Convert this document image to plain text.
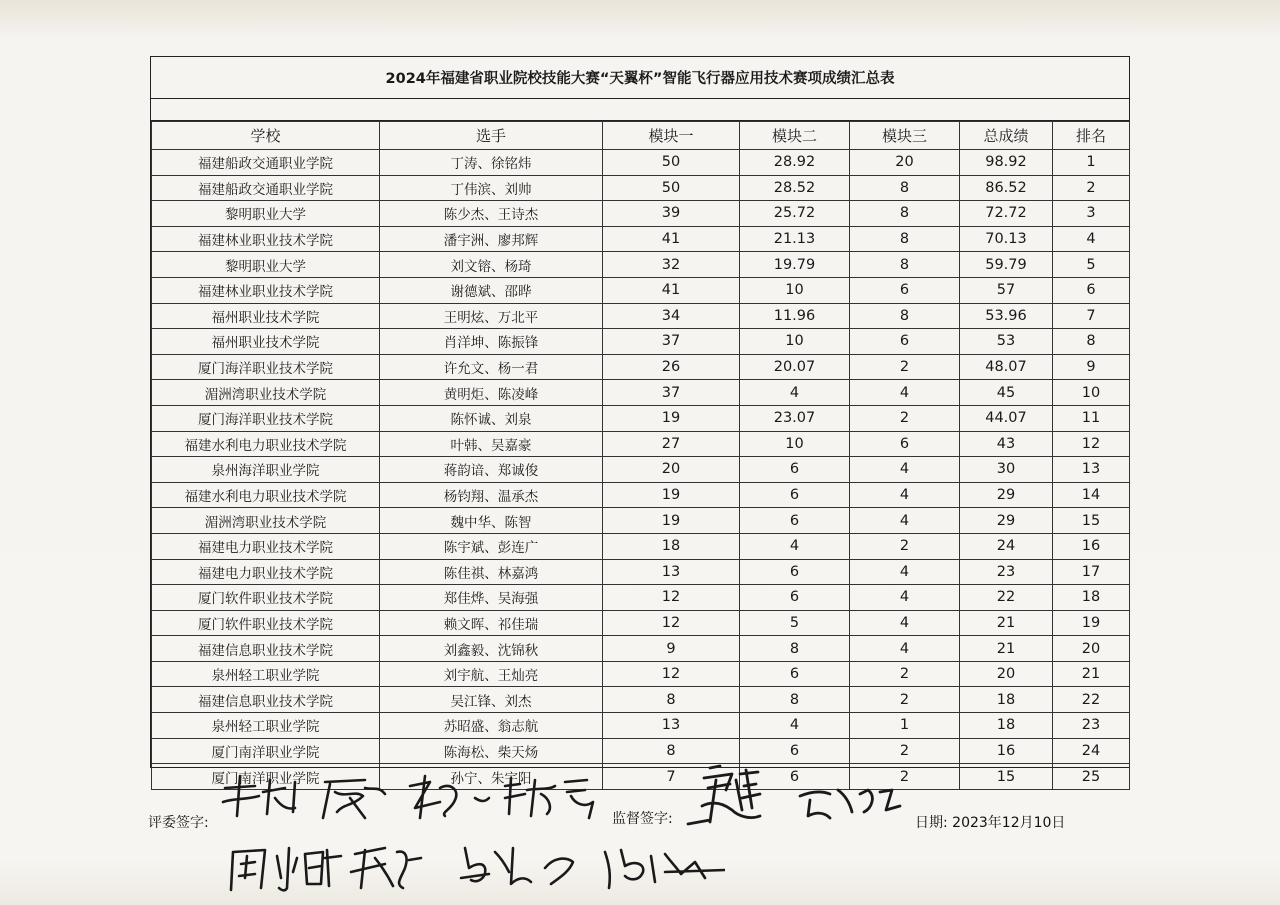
2024年福建省职业院校技能大赛“天翼杯”智能飞行器应用技术赛项成绩汇总表
学校	选手	模块一	模块二	模块三	总成绩	排名
福建船政交通职业学院	丁涛、徐铭炜	50	28.92	20	98.92	1
福建船政交通职业学院	丁伟滨、刘帅	50	28.52	8	86.52	2
黎明职业大学	陈少杰、王诗杰	39	25.72	8	72.72	3
福建林业职业技术学院	潘宇洲、廖邦辉	41	21.13	8	70.13	4
黎明职业大学	刘文镕、杨琦	32	19.79	8	59.79	5
福建林业职业技术学院	谢德斌、邵晔	41	10	6	57	6
福州职业技术学院	王明炫、万北平	34	11.96	8	53.96	7
福州职业技术学院	肖洋坤、陈振锋	37	10	6	53	8
厦门海洋职业技术学院	许允文、杨一君	26	20.07	2	48.07	9
湄洲湾职业技术学院	黄明炬、陈凌峰	37	4	4	45	10
厦门海洋职业技术学院	陈怀诚、刘泉	19	23.07	2	44.07	11
福建水利电力职业技术学院	叶韩、吴嘉豪	27	10	6	43	12
泉州海洋职业学院	蒋韵谙、郑诚俊	20	6	4	30	13
福建水利电力职业技术学院	杨钧翔、温承杰	19	6	4	29	14
湄洲湾职业技术学院	魏中华、陈智	19	6	4	29	15
福建电力职业技术学院	陈宇斌、彭连广	18	4	2	24	16
福建电力职业技术学院	陈佳祺、林嘉鸿	13	6	4	23	17
厦门软件职业技术学院	郑佳烨、吴海强	12	6	4	22	18
厦门软件职业技术学院	赖文晖、祁佳瑞	12	5	4	21	19
福建信息职业技术学院	刘鑫毅、沈锦秋	9	8	4	21	20
泉州轻工职业学院	刘宇航、王灿亮	12	6	2	20	21
福建信息职业技术学院	吴江锋、刘杰	8	8	2	18	22
泉州轻工职业学院	苏昭盛、翁志航	13	4	1	18	23
厦门南洋职业学院	陈海松、柴天炀	8	6	2	16	24
厦门南洋职业学院	孙宁、朱宇阳	7	6	2	15	25
评委签字:	监督签字:	日期: 2023年12月10日
